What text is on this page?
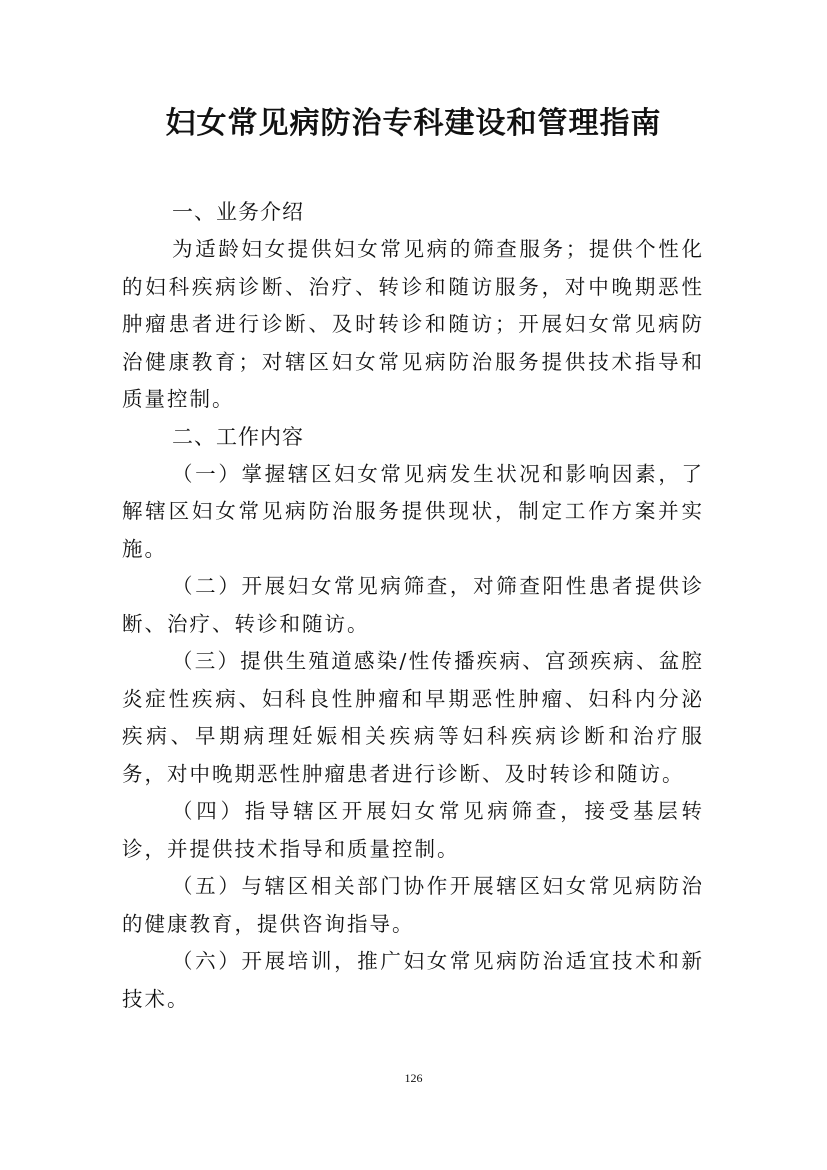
妇女常见病防治专科建设和管理指南

一、业务介绍

为适龄妇女提供妇女常见病的筛查服务；提供个性化的妇科疾病诊断、治疗、转诊和随访服务，对中晚期恶性肿瘤患者进行诊断、及时转诊和随访；开展妇女常见病防治健康教育；对辖区妇女常见病防治服务提供技术指导和质量控制。

二、工作内容

（一）掌握辖区妇女常见病发生状况和影响因素，了解辖区妇女常见病防治服务提供现状，制定工作方案并实施。

（二）开展妇女常见病筛查，对筛查阳性患者提供诊断、治疗、转诊和随访。

（三）提供生殖道感染/性传播疾病、宫颈疾病、盆腔炎症性疾病、妇科良性肿瘤和早期恶性肿瘤、妇科内分泌疾病、早期病理妊娠相关疾病等妇科疾病诊断和治疗服务，对中晚期恶性肿瘤患者进行诊断、及时转诊和随访。

（四）指导辖区开展妇女常见病筛查，接受基层转诊，并提供技术指导和质量控制。

（五）与辖区相关部门协作开展辖区妇女常见病防治的健康教育，提供咨询指导。

（六）开展培训，推广妇女常见病防治适宜技术和新技术。

126
